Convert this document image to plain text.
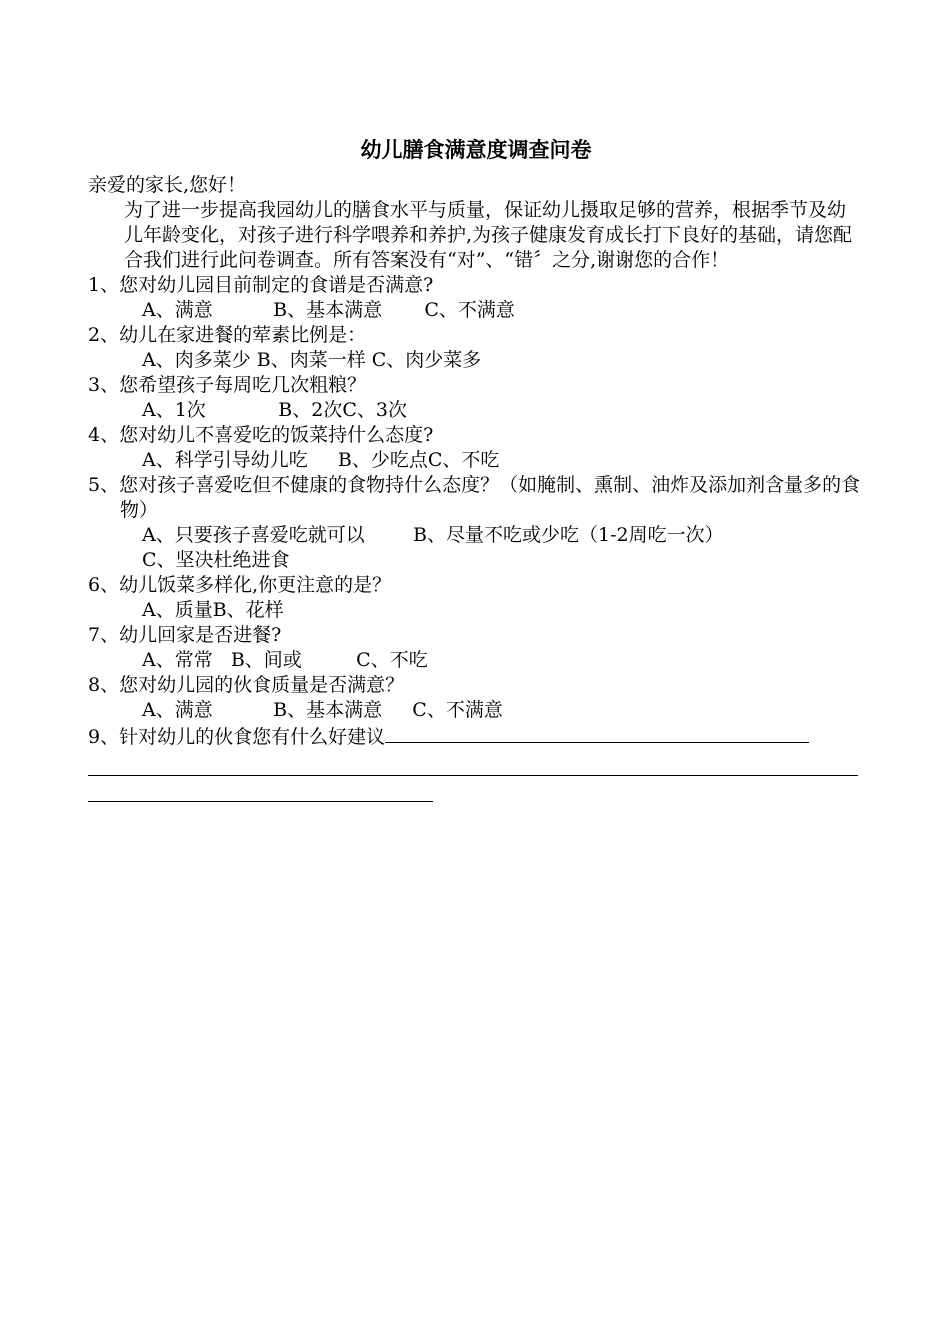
幼儿膳食满意度调查问卷
亲爱的家长,您好！
为了进一步提高我园幼儿的膳食水平与质量，保证幼儿摄取足够的营养，根据季节及幼儿年龄变化，对孩子进行科学喂养和养护,为孩子健康发育成长打下良好的基础，请您配合我们进行此问卷调查。所有答案没有“对”、“错〞之分,谢谢您的合作！
1、您对幼儿园目前制定的食谱是否满意?
A、满意          B、基本满意       C、不满意
2、幼儿在家进餐的荤素比例是：
A、肉多菜少 B、肉菜一样 C、肉少菜多
3、您希望孩子每周吃几次粗粮？
A、1次            B、2次C、3次
4、您对幼儿不喜爱吃的饭菜持什么态度?
A、科学引导幼儿吃     B、少吃点C、不吃
5、您对孩子喜爱吃但不健康的食物持什么态度？（如腌制、熏制、油炸及添加剂含量多的食物）
A、只要孩子喜爱吃就可以        B、尽量不吃或少吃（1-2周吃一次）
C、坚决杜绝进食
6、幼儿饭菜多样化,你更注意的是？
A、质量B、花样
7、幼儿回家是否进餐?
A、常常   B、间或         C、不吃
8、您对幼儿园的伙食质量是否满意？
A、满意          B、基本满意     C、不满意
9、针对幼儿的伙食您有什么好建议
